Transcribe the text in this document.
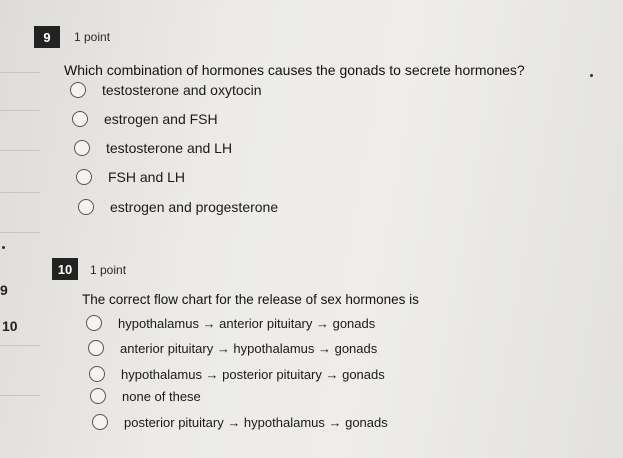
9
10
9	1 point
Which combination of hormones causes the gonads to secrete hormones?
testosterone and oxytocin
estrogen and FSH
testosterone and LH
FSH and LH
estrogen and progesterone
10	1 point
The correct flow chart for the release of sex hormones is
hypothalamus → anterior pituitary → gonads
anterior pituitary → hypothalamus → gonads
hypothalamus → posterior pituitary → gonads
none of these
posterior pituitary → hypothalamus → gonads
